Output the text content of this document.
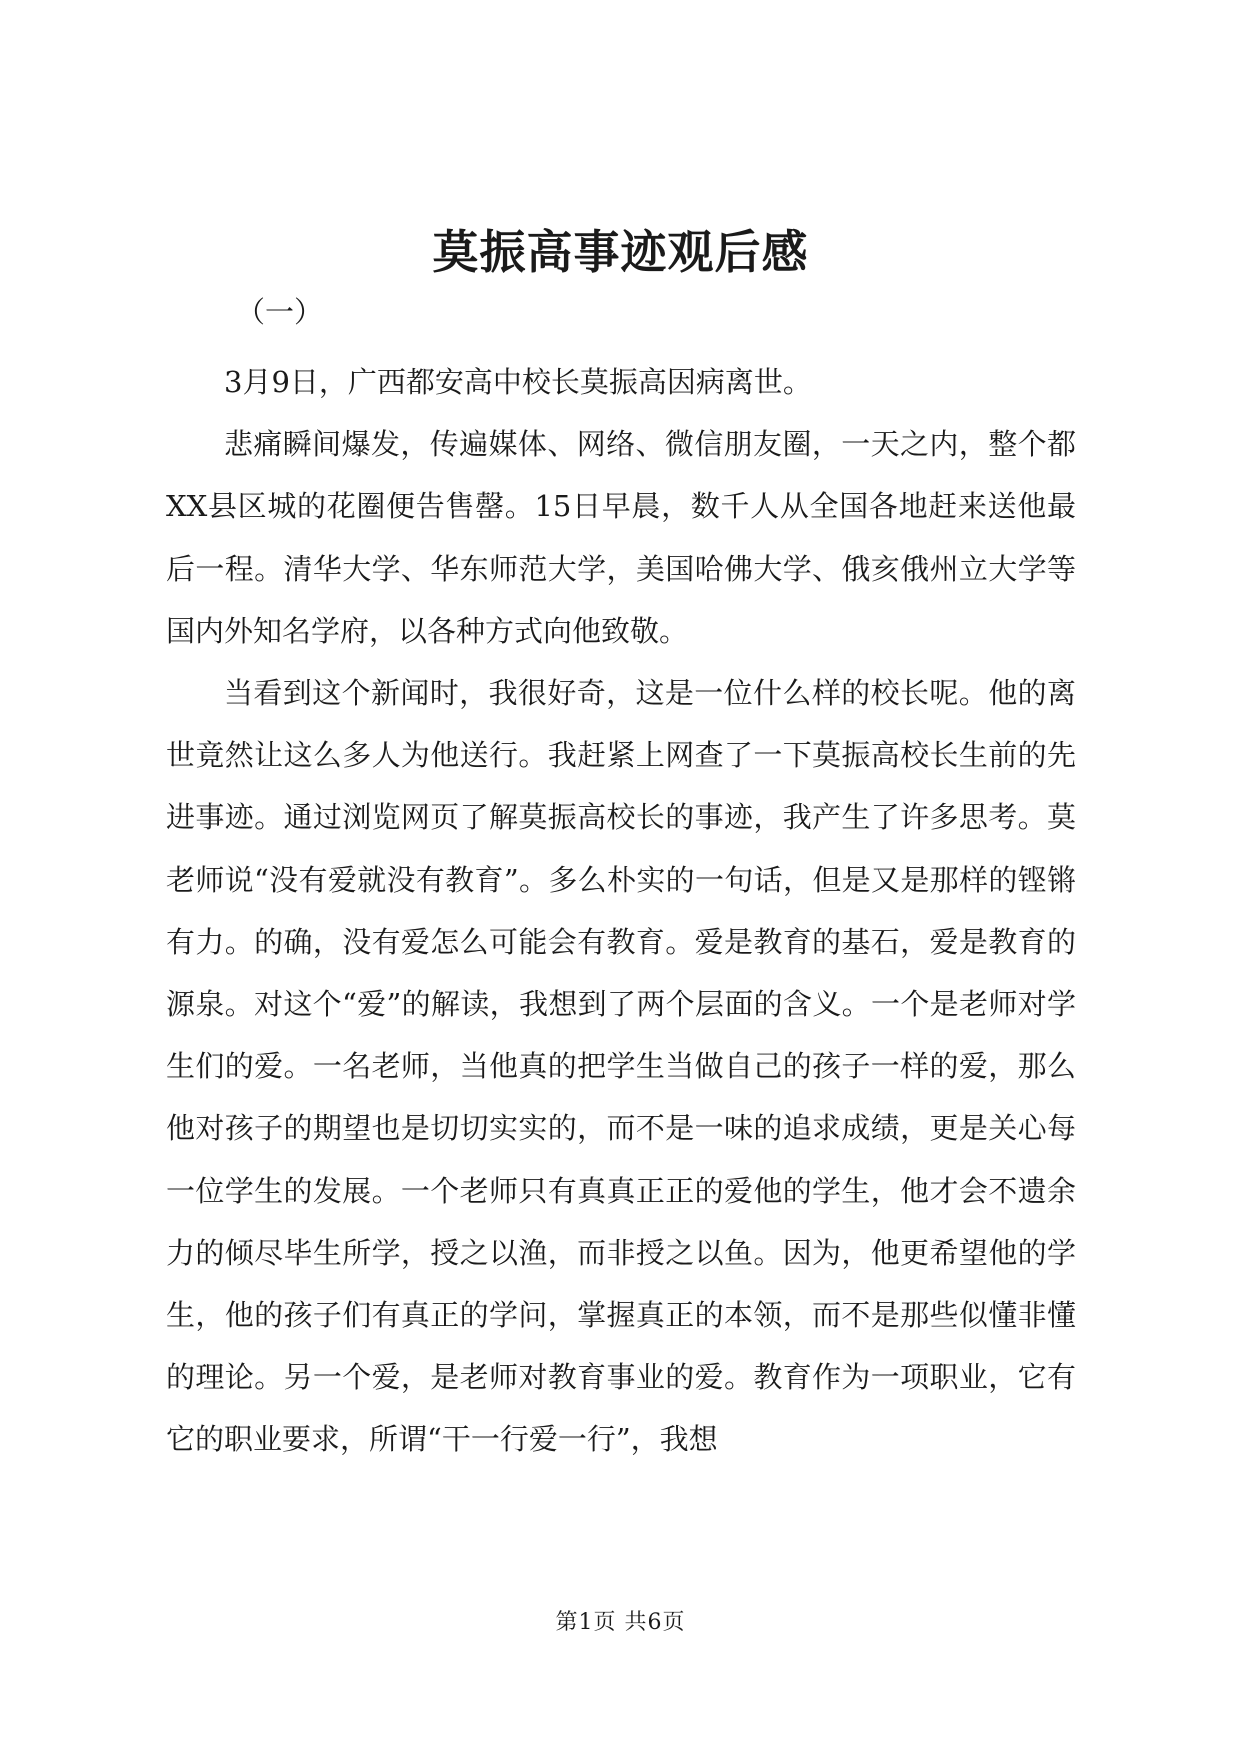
莫振高事迹观后感
（一）

3月9日，广西都安高中校长莫振高因病离世。

悲痛瞬间爆发，传遍媒体、网络、微信朋友圈，一天之内，整个都XX县区城的花圈便告售罄。15日早晨，数千人从全国各地赶来送他最后一程。清华大学、华东师范大学，美国哈佛大学、俄亥俄州立大学等国内外知名学府，以各种方式向他致敬。

当看到这个新闻时，我很好奇，这是一位什么样的校长呢。他的离世竟然让这么多人为他送行。我赶紧上网查了一下莫振高校长生前的先进事迹。通过浏览网页了解莫振高校长的事迹，我产生了许多思考。莫老师说“没有爱就没有教育”。多么朴实的一句话，但是又是那样的铿锵有力。的确，没有爱怎么可能会有教育。爱是教育的基石，爱是教育的源泉。对这个“爱”的解读，我想到了两个层面的含义。一个是老师对学生们的爱。一名老师，当他真的把学生当做自己的孩子一样的爱，那么他对孩子的期望也是切切实实的，而不是一味的追求成绩，更是关心每一位学生的发展。一个老师只有真真正正的爱他的学生，他才会不遗余力的倾尽毕生所学，授之以渔，而非授之以鱼。因为，他更希望他的学生，他的孩子们有真正的学问，掌握真正的本领，而不是那些似懂非懂的理论。另一个爱，是老师对教育事业的爱。教育作为一项职业，它有它的职业要求，所谓“干一行爱一行”，我想

第1页 共6页
